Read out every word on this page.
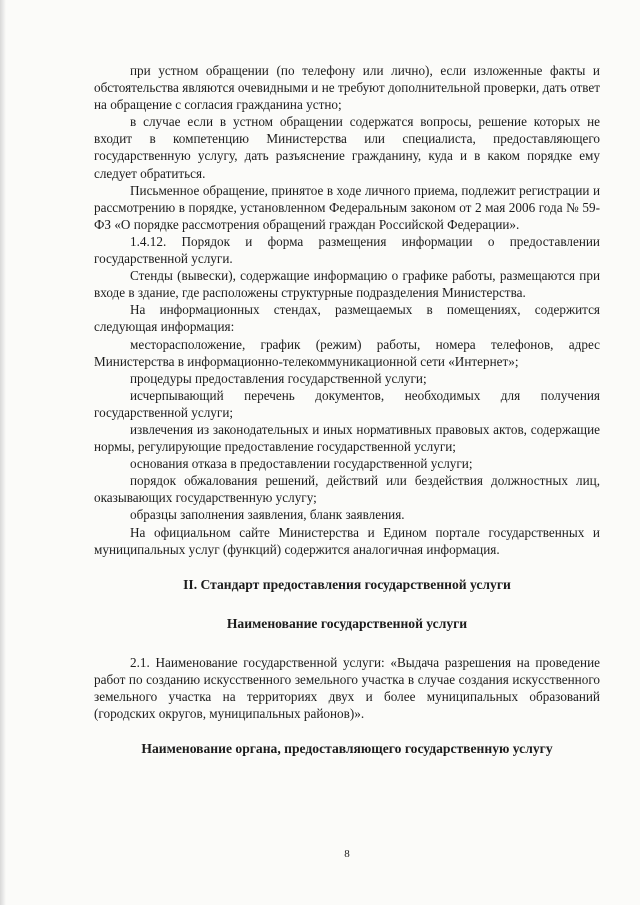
при устном обращении (по телефону или лично), если изложенные факты и обстоятельства являются очевидными и не требуют дополнительной проверки, дать ответ на обращение с согласия гражданина устно;

в случае если в устном обращении содержатся вопросы, решение которых не входит в компетенцию Министерства или специалиста, предоставляющего государственную услугу, дать разъяснение гражданину, куда и в каком порядке ему следует обратиться.

Письменное обращение, принятое в ходе личного приема, подлежит регистрации и рассмотрению в порядке, установленном Федеральным законом от 2 мая 2006 года № 59-ФЗ «О порядке рассмотрения обращений граждан Российской Федерации».

1.4.12. Порядок и форма размещения информации о предоставлении государственной услуги.

Стенды (вывески), содержащие информацию о графике работы, размещаются при входе в здание, где расположены структурные подразделения Министерства.

На информационных стендах, размещаемых в помещениях, содержится следующая информация:

месторасположение, график (режим) работы, номера телефонов, адрес Министерства в информационно-телекоммуникационной сети «Интернет»;

процедуры предоставления государственной услуги;

исчерпывающий перечень документов, необходимых для получения государственной услуги;

извлечения из законодательных и иных нормативных правовых актов, содержащие нормы, регулирующие предоставление государственной услуги;

основания отказа в предоставлении государственной услуги;

порядок обжалования решений, действий или бездействия должностных лиц, оказывающих государственную услугу;

образцы заполнения заявления, бланк заявления.

На официальном сайте Министерства и Едином портале государственных и муниципальных услуг (функций) содержится аналогичная информация.

II. Стандарт предоставления государственной услуги
Наименование государственной услуги

2.1. Наименование государственной услуги: «Выдача разрешения на проведение работ по созданию искусственного земельного участка в случае создания искусственного земельного участка на территориях двух и более муниципальных образований (городских округов, муниципальных районов)».

Наименование органа, предоставляющего государственную услугу
8
